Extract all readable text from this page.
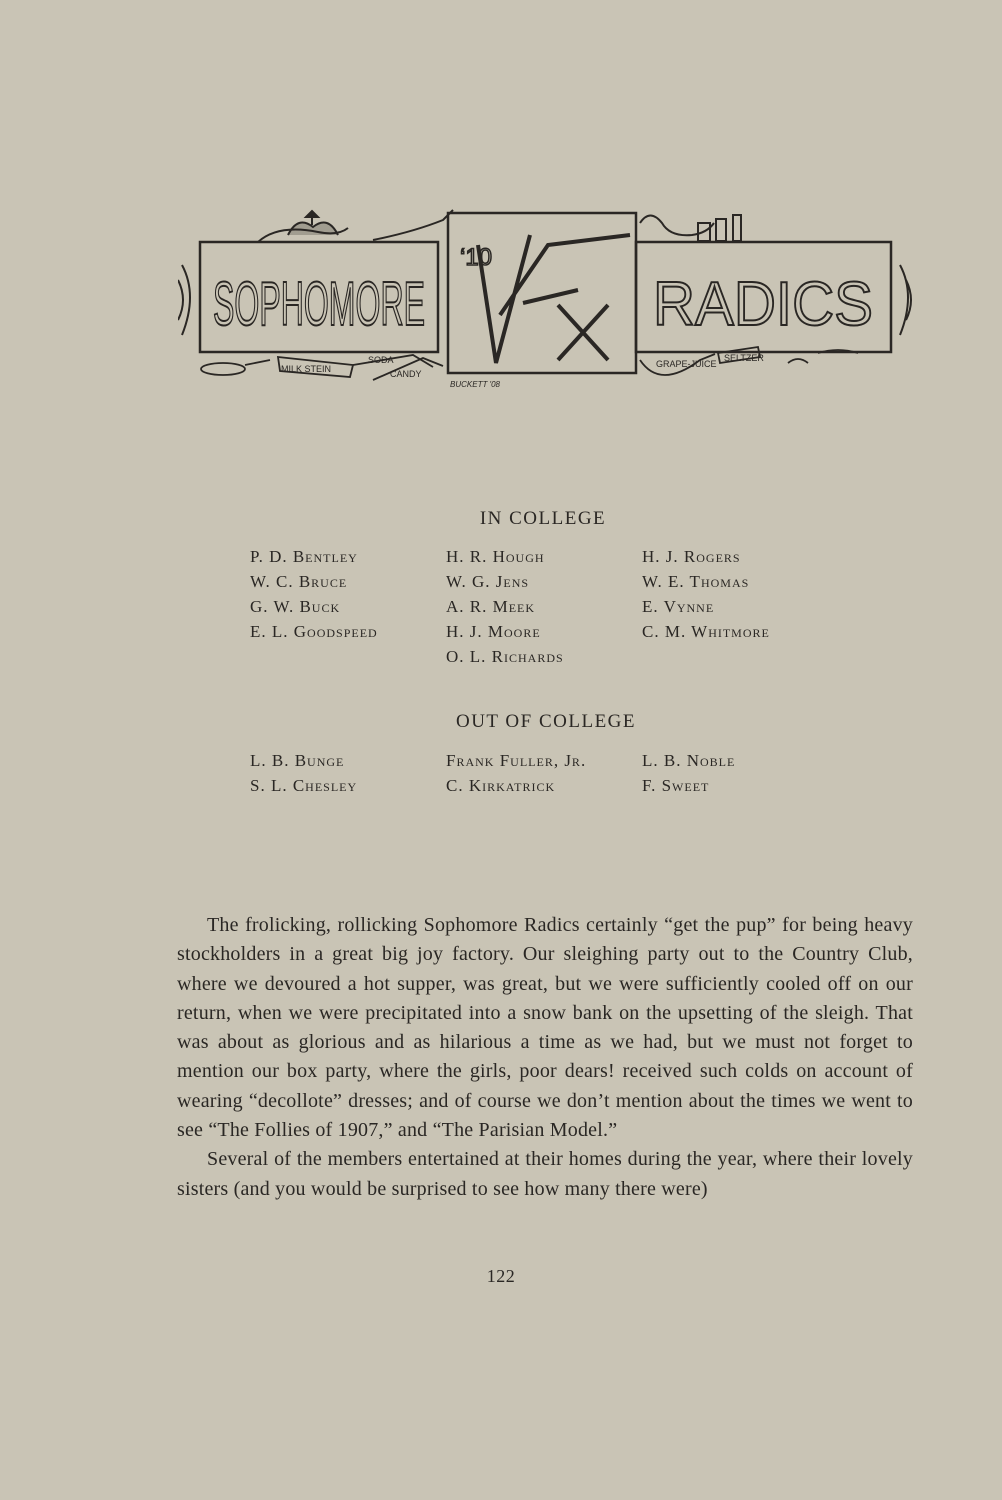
SOPHOMORE
‘10
RADICS
MILK STEIN
SODA
CANDY
GRAPE-JUICE
SELTZER
BUCKETT '08
IN COLLEGE
P. D. Bentley
W. C. Bruce
G. W. Buck
E. L. Goodspeed
H. R. Hough
W. G. Jens
A. R. Meek
H. J. Moore
O. L. Richards
H. J. Rogers
W. E. Thomas
E. Vynne
C. M. Whitmore
OUT OF COLLEGE
L. B. Bunge
S. L. Chesley
Frank Fuller, Jr.
C. Kirkatrick
L. B. Noble
F. Sweet

The frolicking, rollicking Sophomore Radics certainly “get the pup” for being heavy stockholders in a great big joy factory. Our sleighing party out to the Country Club, where we devoured a hot supper, was great, but we were sufficiently cooled off on our return, when we were precipitated into a snow bank on the upsetting of the sleigh. That was about as glorious and as hilarious a time as we had, but we must not forget to mention our box party, where the girls, poor dears! received such colds on account of wearing “decollote” dresses; and of course we don’t mention about the times we went to see “The Follies of 1907,” and “The Parisian Model.”

Several of the members entertained at their homes during the year, where their lovely sisters (and you would be surprised to see how many there were)

122
